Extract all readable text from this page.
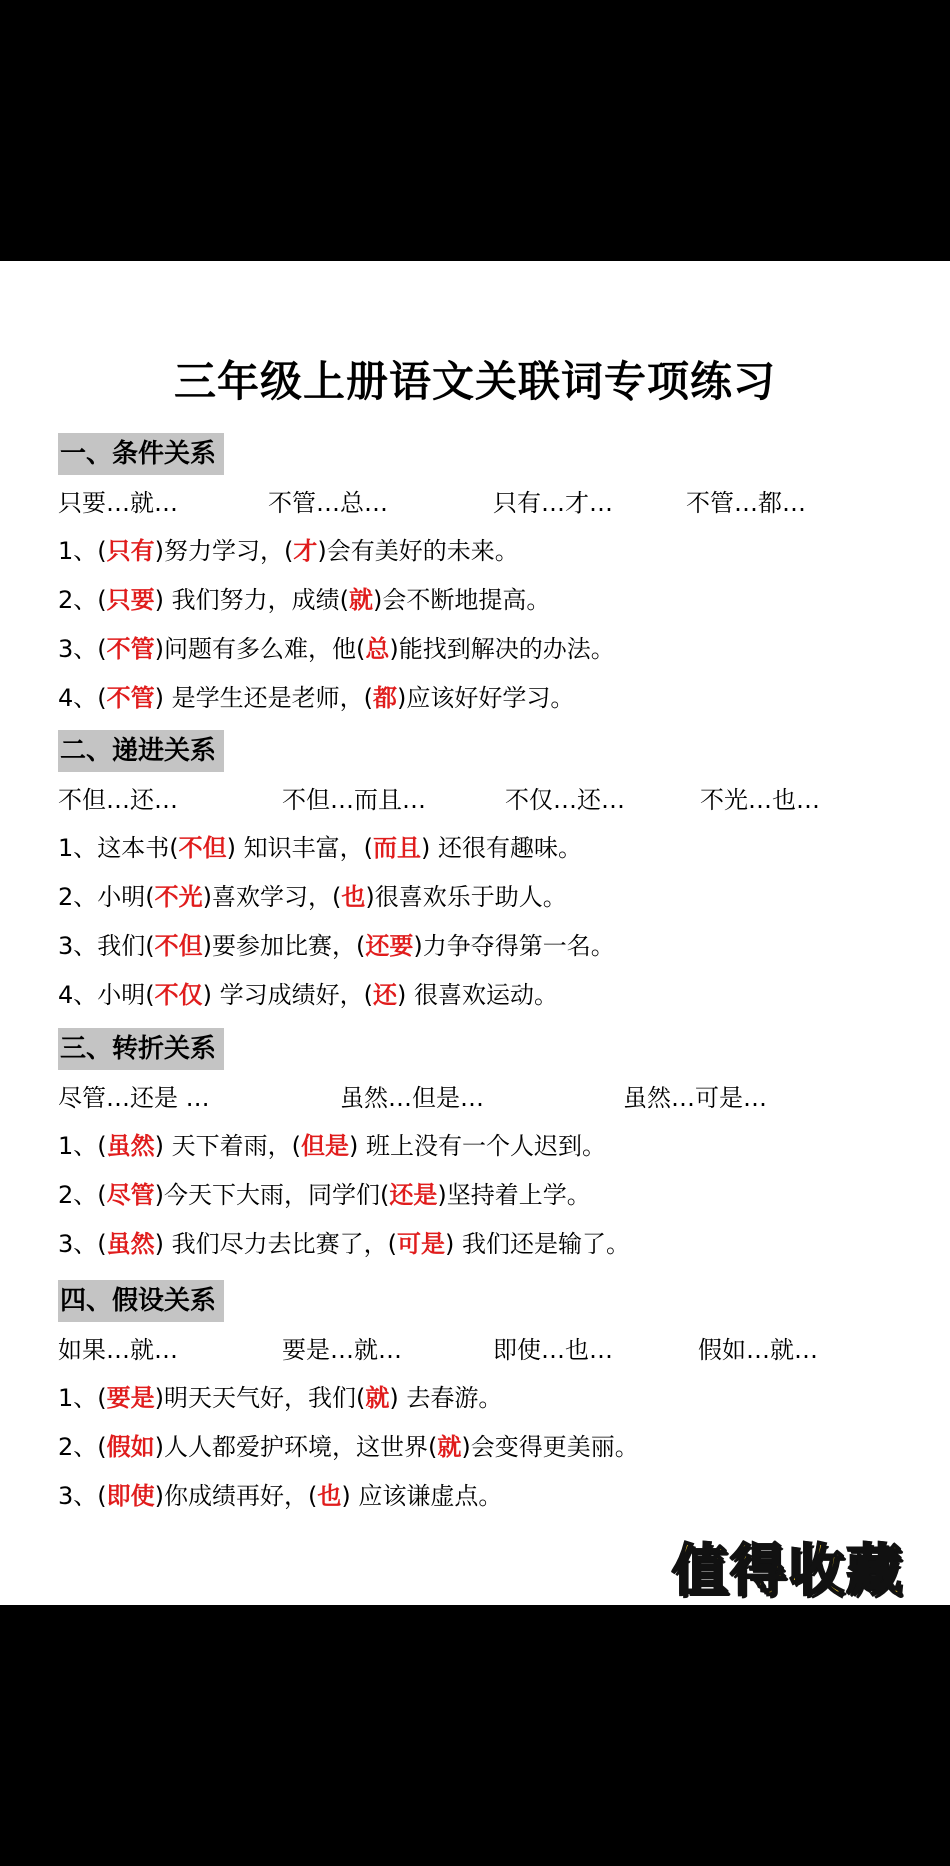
三年级上册语文关联词专项练习
一、条件关系
只要…就…	不管…总…	只有…才…	不管…都…
1、(只有)努力学习，(才)会有美好的未来。
2、(只要) 我们努力，成绩(就)会不断地提高。
3、(不管)问题有多么难，他(总)能找到解决的办法。
4、(不管) 是学生还是老师，(都)应该好好学习。
二、递进关系
不但…还…	不但…而且…	不仅…还…	不光…也…
1、这本书(不但) 知识丰富，(而且) 还很有趣味。
2、小明(不光)喜欢学习，(也)很喜欢乐于助人。
3、我们(不但)要参加比赛，(还要)力争夺得第一名。
4、小明(不仅) 学习成绩好，(还) 很喜欢运动。
三、转折关系
尽管…还是 …	虽然…但是…	虽然…可是…
1、(虽然) 天下着雨，(但是) 班上没有一个人迟到。
2、(尽管)今天下大雨，同学们(还是)坚持着上学。
3、(虽然) 我们尽力去比赛了，(可是) 我们还是输了。
四、假设关系
如果…就…	要是…就…	即使…也…	假如…就…
1、(要是)明天天气好，我们(就) 去春游。
2、(假如)人人都爱护环境，这世界(就)会变得更美丽。
3、(即使)你成绩再好，(也) 应该谦虚点。
值得收藏
